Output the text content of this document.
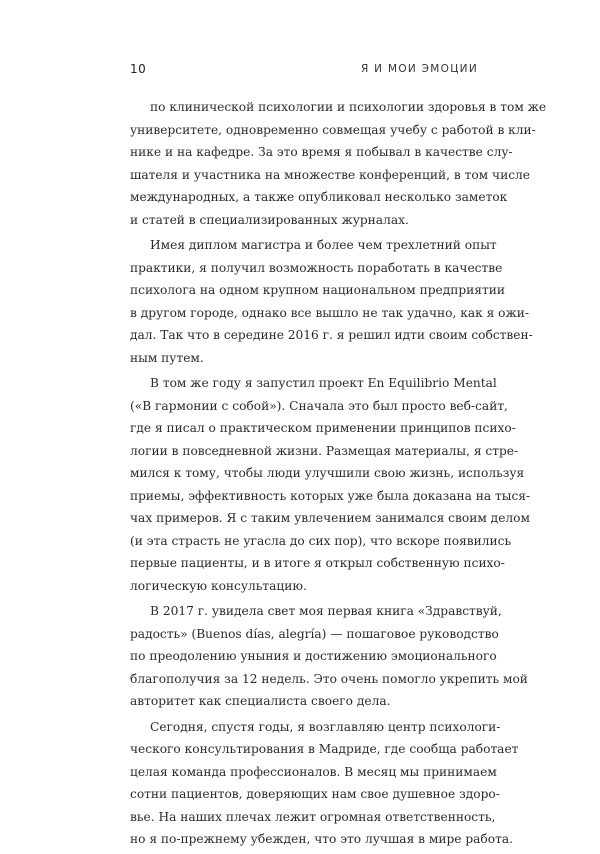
10	Я И МОИ ЭМОЦИИ
по клинической психологии и психологии здоровья в том же
университете, одновременно совмещая учебу с работой в кли-
нике и на кафедре. За это время я побывал в качестве слу-
шателя и участника на множестве конференций, в том числе
международных, а также опубликовал несколько заметок
и статей в специализированных журналах.
Имея диплом магистра и более чем трехлетний опыт
практики, я получил возможность поработать в качестве
психолога на одном крупном национальном предприятии
в другом городе, однако все вышло не так удачно, как я ожи-
дал. Так что в середине 2016 г. я решил идти своим собствен-
ным путем.
В том же году я запустил проект En Equilibrio Mental
(«В гармонии с собой»). Сначала это был просто веб-сайт,
где я писал о практическом применении принципов психо-
логии в повседневной жизни. Размещая материалы, я стре-
мился к тому, чтобы люди улучшили свою жизнь, используя
приемы, эффективность которых уже была доказана на тыся-
чах примеров. Я с таким увлечением занимался своим делом
(и эта страсть не угасла до сих пор), что вскоре появились
первые пациенты, и в итоге я открыл собственную психо-
логическую консультацию.
В 2017 г. увидела свет моя первая книга «Здравствуй,
радость» (Buenos días, alegría) — пошаговое руководство
по преодолению уныния и достижению эмоционального
благополучия за 12 недель. Это очень помогло укрепить мой
авторитет как специалиста своего дела.
Сегодня, спустя годы, я возглавляю центр психологи-
ческого консультирования в Мадриде, где сообща работает
целая команда профессионалов. В месяц мы принимаем
сотни пациентов, доверяющих нам свое душевное здоро-
вье. На наших плечах лежит огромная ответственность,
но я по-прежнему убежден, что это лучшая в мире работа.
